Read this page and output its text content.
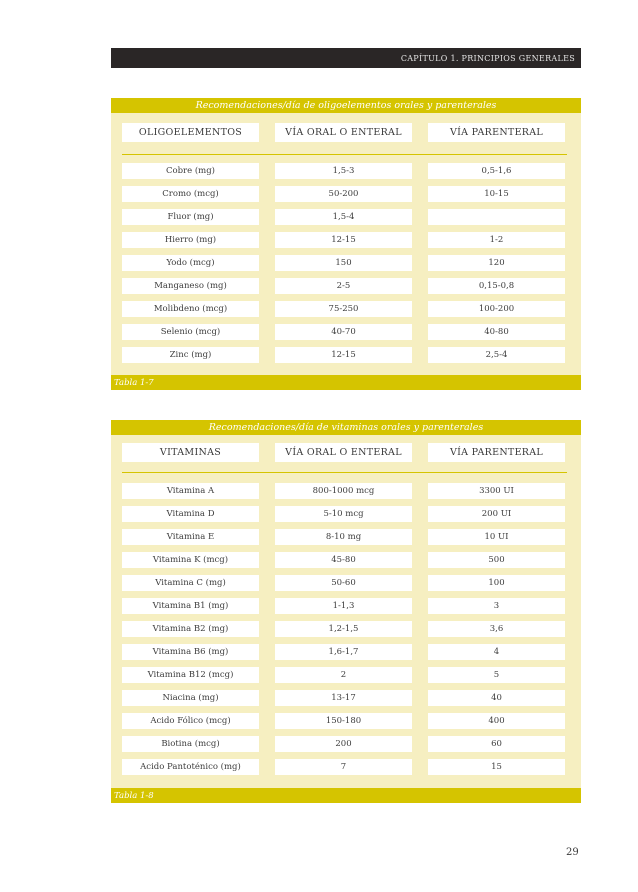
CAPÍTULO 1. PRINCIPIOS GENERALES
Recomendaciones/día de oligoelementos orales y parenterales
OLIGOELEMENTOS	VÍA ORAL O ENTERAL	VÍA PARENTERAL
Cobre (mg)	1,5-3	0,5-1,6
Cromo (mcg)	50-200	10-15
Fluor (mg)	1,5-4
Hierro (mg)	12-15	1-2
Yodo (mcg)	150	120
Manganeso (mg)	2-5	0,15-0,8
Molibdeno (mcg)	75-250	100-200
Selenio (mcg)	40-70	40-80
Zinc (mg)	12-15	2,5-4
Tabla 1-7
Recomendaciones/día de vitaminas orales y parenterales
VITAMINAS	VÍA ORAL O ENTERAL	VÍA PARENTERAL
Vitamina A	800-1000 mcg	3300 UI
Vitamina D	5-10 mcg	200 UI
Vitamina E	8-10 mg	10 UI
Vitamina K (mcg)	45-80	500
Vitamina C (mg)	50-60	100
Vitamina B1 (mg)	1-1,3	3
Vitamina B2 (mg)	1,2-1,5	3,6
Vitamina B6 (mg)	1,6-1,7	4
Vitamina B12 (mcg)	2	5
Niacina (mg)	13-17	40
Acido Fólico (mcg)	150-180	400
Biotina (mcg)	200	60
Acido Pantoténico (mg)	7	15
Tabla 1-8
29
